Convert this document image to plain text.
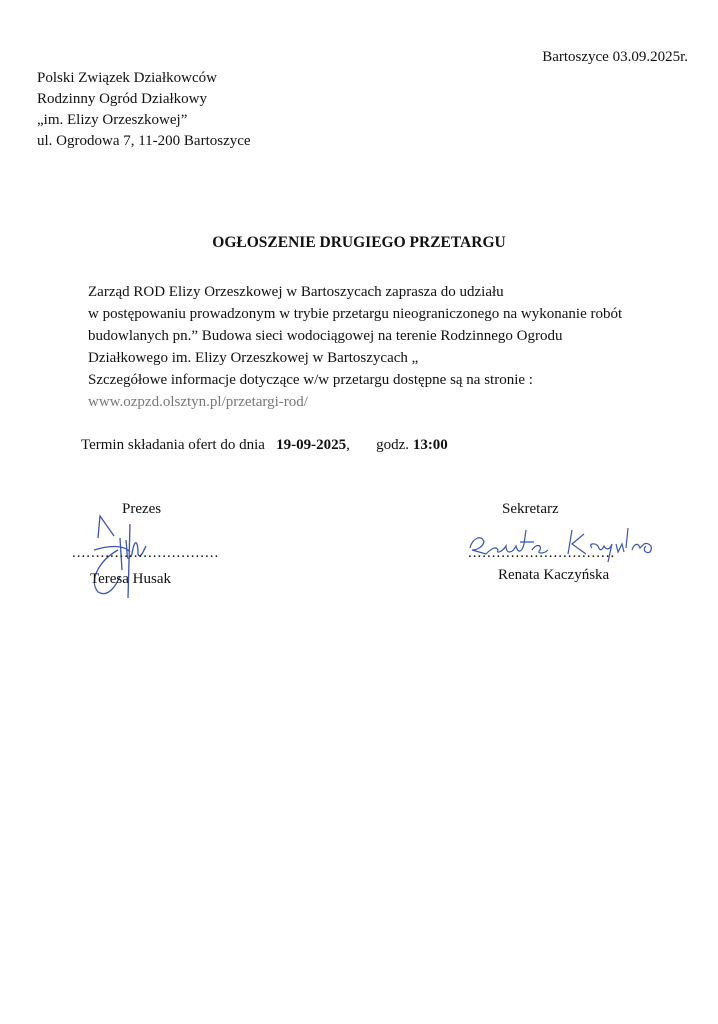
Bartoszyce 03.09.2025r.
Polski Związek Działkowców
Rodzinny Ogród Działkowy
„im. Elizy Orzeszkowej”
ul. Ogrodowa 7, 11-200 Bartoszyce
OGŁOSZENIE DRUGIEGO PRZETARGU
Zarząd ROD Elizy Orzeszkowej w Bartoszycach zaprasza do udziału
w postępowaniu prowadzonym w trybie przetargu nieograniczonego na wykonanie robót
budowlanych pn.” Budowa sieci wodociągowej na terenie Rodzinnego Ogrodu
Działkowego im. Elizy Orzeszkowej w Bartoszycach „
Szczegółowe informacje dotyczące w/w przetargu dostępne są na stronie :
www.ozpzd.olsztyn.pl/przetargi-rod/
Termin składania ofert do dnia 19-09-2025, godz. 13:00
Prezes
...............................
Teresa Husak
Sekretarz
...............................
Renata Kaczyńska
